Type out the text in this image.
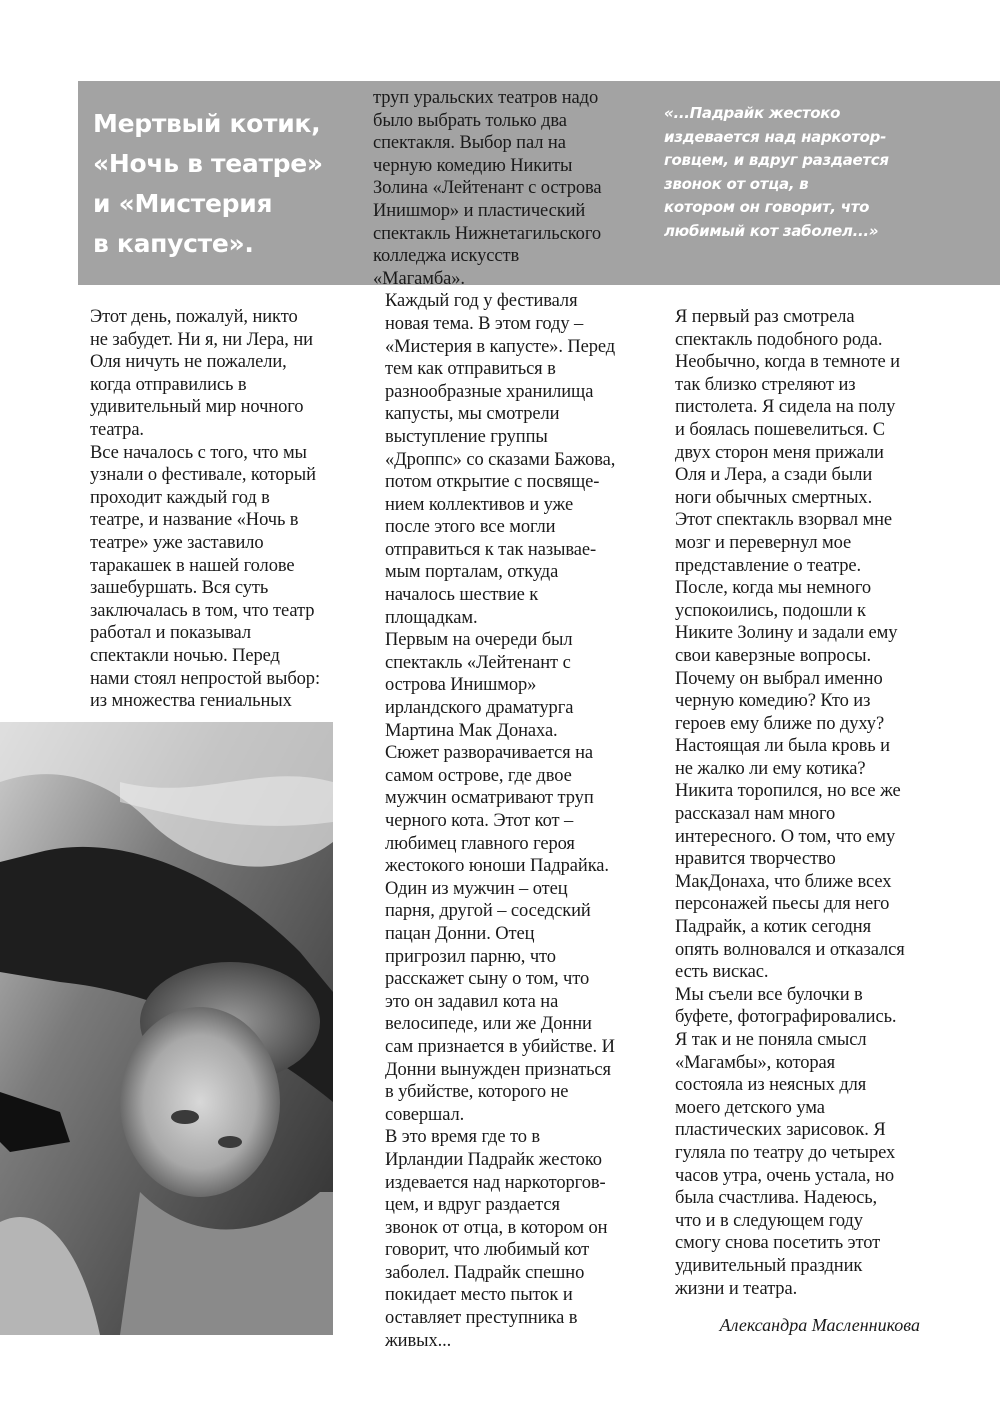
Мертвый котик,
«Ночь в театре»
и «Мистерия
в капусте».
«...Падрайк жестоко
издевается над наркотор-
говцем, и вдруг раздается
звонок от отца, в
котором он говорит, что
любимый кот заболел...»

Этот день, пожалуй, никто
не забудет. Ни я, ни Лера, ни
Оля ничуть не пожалели,
когда отправились в
удивительный мир ночного
театра.

Все началось с того, что мы
узнали о фестивале, который
проходит каждый год в
театре, и название «Ночь в
театре» уже заставило
таракашек в нашей голове
зашебуршать. Вся суть
заключалась в том, что театр
работал и показывал
спектакли ночью. Перед
нами стоял непростой выбор:
из множества гениальных

труп уральских театров надо
было выбрать только два
спектакля. Выбор пал на
черную комедию Никиты
Золина «Лейтенант с острова
Инишмор» и пластический
спектакль Нижнетагильского
колледжа искусств
«Магамба».

Каждый год у фестиваля
новая тема. В этом году –
«Мистерия в капусте». Перед
тем как отправиться в
разнообразные хранилища
капусты, мы смотрели
выступление группы
«Дроппс» со сказами Бажова,
потом открытие с посвяще-
нием коллективов и уже
после этого все могли
отправиться к так называе-
мым порталам, откуда
началось шествие к
площадкам.

Первым на очереди был
спектакль «Лейтенант с
острова Инишмор»
ирландского драматурга
Мартина Мак Донаха.
Сюжет разворачивается на
самом острове, где двое
мужчин осматривают труп
черного кота. Этот кот –
любимец главного героя
жестокого юноши Падрайка.
Один из мужчин – отец
парня, другой – соседский
пацан Донни. Отец
пригрозил парню, что
расскажет сыну о том, что
это он задавил кота на
велосипеде, или же Донни
сам признается в убийстве. И
Донни вынужден признаться
в убийстве, которого не
совершал.

В это время где то в
Ирландии Падрайк жестоко
издевается над наркоторгов-
цем, и вдруг раздается
звонок от отца, в котором он
говорит, что любимый кот
заболел. Падрайк спешно
покидает место пыток и
оставляет преступника в
живых...

Я первый раз смотрела
спектакль подобного рода.
Необычно, когда в темноте и
так близко стреляют из
пистолета. Я сидела на полу
и боялась пошевелиться. С
двух сторон меня прижали
Оля и Лера, а сзади были
ноги обычных смертных.

Этот спектакль взорвал мне
мозг и перевернул мое
представление о театре.

После, когда мы немного
успокоились, подошли к
Никите Золину и задали ему
свои каверзные вопросы.
Почему он выбрал именно
черную комедию? Кто из
героев ему ближе по духу?
Настоящая ли была кровь и
не жалко ли ему котика?
Никита торопился, но все же
рассказал нам много
интересного. О том, что ему
нравится творчество
МакДонаха, что ближе всех
персонажей пьесы для него
Падрайк, а котик сегодня
опять волновался и отказался
есть вискас.

Мы съели все булочки в
буфете, фотографировались.
Я так и не поняла смысл
«Магамбы», которая
состояла из неясных для
моего детского ума
пластических зарисовок. Я
гуляла по театру до четырех
часов утра, очень устала, но
была счастлива. Надеюсь,
что и в следующем году
смогу снова посетить этот
удивительный праздник
жизни и театра.

Александра Масленникова
